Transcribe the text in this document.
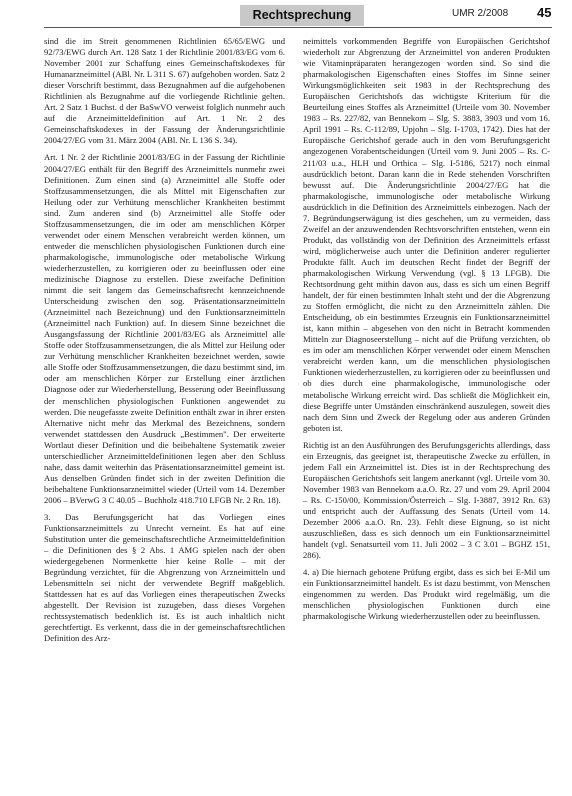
Rechtsprechung	UMR 2/2008 45

sind die im Streit genommenen Richtlinien 65/65/EWG und 92/73/EWG durch Art. 128 Satz 1 der Richtlinie 2001/83/EG vom 6. November 2001 zur Schaffung eines Gemeinschaftskodexes für Humanarzneimittel (ABl. Nr. L 311 S. 67) aufgehoben worden. Satz 2 dieser Vorschrift bestimmt, dass Bezugnahmen auf die aufgehobenen Richtlinien als Bezugnahme auf die vorliegende Richtlinie gelten. Art. 2 Satz 1 Buchst. d der BaSwVO verweist folglich nunmehr auch auf die Arzneimitteldefinition auf Art. 1 Nr. 2 des Gemeinschaftskodexes in der Fassung der Änderungsrichtlinie 2004/27/EG vom 31. März 2004 (ABl. Nr. L 136 S. 34).

Art. 1 Nr. 2 der Richtlinie 2001/83/EG in der Fassung der Richtlinie 2004/27/EG enthält für den Begriff des Arzneimittels nunmehr zwei Definitionen. Zum einen sind (a) Arzneimittel alle Stoffe oder Stoffzusammensetzungen, die als Mittel mit Eigenschaften zur Heilung oder zur Verhütung menschlicher Krankheiten bestimmt sind. Zum anderen sind (b) Arzneimittel alle Stoffe oder Stoffzusammensetzungen, die im oder am menschlichen Körper verwendet oder einem Menschen verabreicht werden können, um entweder die menschlichen physiologischen Funktionen durch eine pharmakologische, immunologische oder metabolische Wirkung wiederherzustellen, zu korrigieren oder zu beeinflussen oder eine medizinische Diagnose zu erstellen. Diese zweifache Definition nimmt die seit langem das Gemeinschaftsrecht kennzeichnende Unterscheidung zwischen den sog. Präsentationsarzneimitteln (Arzneimittel nach Bezeichnung) und den Funktionsarzneimitteln (Arzneimittel nach Funktion) auf. In diesem Sinne bezeichnet die Ausgangsfassung der Richtlinie 2001/83/EG als Arzneimittel alle Stoffe oder Stoffzusammensetzungen, die als Mittel zur Heilung oder zur Verhütung menschlicher Krankheiten bezeichnet werden, sowie alle Stoffe oder Stoffzusammensetzungen, die dazu bestimmt sind, im oder am menschlichen Körper zur Erstellung einer ärztlichen Diagnose oder zur Wiederherstellung, Besserung oder Beeinflussung der menschlichen physiologischen Funktionen angewendet zu werden. Die neugefasste zweite Definition enthält zwar in ihrer ersten Alternative nicht mehr das Merkmal des Bezeichnens, sondern verwendet stattdessen den Ausdruck „Bestimmen". Der erweiterte Wortlaut dieser Definition und die beibehaltene Systematik zweier unterschiedlicher Arzneimitteldefinitionen legen aber den Schluss nahe, dass damit weiterhin das Präsentationsarzneimittel gemeint ist. Aus denselben Gründen findet sich in der zweiten Definition die beibehaltene Funktionsarzneimittel wieder (Urteil vom 14. Dezember 2006 – BVerwG 3 C 40.05 – Buchholz 418.710 LFGB Nr. 2 Rn. 18).

3. Das Berufungsgericht hat das Vorliegen eines Funktionsarzneimittels zu Unrecht verneint. Es hat auf eine Substitution unter die gemeinschaftsrechtliche Arzneimitteldefinition – die Definitionen des § 2 Abs. 1 AMG spielen nach der oben wiedergegebenen Normenkette hier keine Rolle – mit der Begründung verzichtet, für die Abgrenzung von Arzneimitteln und Lebensmitteln sei nicht der verwendete Begriff maßgeblich. Stattdessen hat es auf das Vorliegen eines therapeutischen Zwecks abgestellt. Der Revision ist zuzugeben, dass dieses Vorgehen rechtssystematisch bedenklich ist. Es ist auch inhaltlich nicht gerechtfertigt. Es verkennt, dass die in der gemeinschaftsrechtlichen Definition des Arz-

neimittels vorkommenden Begriffe von Europäischen Gerichtshof wiederholt zur Abgrenzung der Arzneimittel von anderen Produkten wie Vitaminpräparaten herangezogen worden sind. So sind die pharmakologischen Eigenschaften eines Stoffes im Sinne seiner Wirkungsmöglichkeiten seit 1983 in der Rechtsprechung des Europäischen Gerichtshofs das wichtigste Kriterium für die Beurteilung eines Stoffes als Arzneimittel (Urteile vom 30. November 1983 – Rs. 227/82, van Bennekom – Slg. S. 3883, 3903 und vom 16. April 1991 – Rs. C-112/89, Upjohn – Slg. I-1703, 1742). Dies hat der Europäische Gerichtshof gerade auch in den vom Berufungsgericht angezogenen Vorabentscheidungen (Urteil vom 9. Juni 2005 – Rs. C-211/03 u.a., HLH und Orthica – Slg. I-5186, 5217) noch einmal ausdrücklich betont. Daran kann die in Rede stehenden Vorschriften bewusst auf. Die Änderungsrichtlinie 2004/27/EG hat die pharmakologische, immunologische oder metabolische Wirkung ausdrücklich in die Definition des Arzneimittels einbezogen. Nach der 7. Begründungserwägung ist dies geschehen, um zu vermeiden, dass Zweifel an der anzuwendenden Rechtsvorschriften entstehen, wenn ein Produkt, das vollständig von der Definition des Arzneimittels erfasst wird, möglicherweise auch unter die Definition anderer regulierter Produkte fällt. Auch im deutschen Recht findet der Begriff der pharmakologischen Wirkung Verwendung (vgl. § 13 LFGB). Die Rechtsordnung geht mithin davon aus, dass es sich um einen Begriff handelt, der für einen bestimmten Inhalt steht und der die Abgrenzung zu Stoffen ermöglicht, die nicht zu den Arzneimitteln zählen. Die Entscheidung, ob ein bestimmtes Erzeugnis ein Funktionsarzneimittel ist, kann mithin – abgesehen von den nicht in Betracht kommenden Mitteln zur Diagnoseerstellung – nicht auf die Prüfung verzichten, ob es im oder am menschlichen Körper verwendet oder einem Menschen verabreicht werden kann, um die menschlichen physiologischen Funktionen wiederherzustellen, zu korrigieren oder zu beeinflussen und ob dies durch eine pharmakologische, immunologische oder metabolische Wirkung erreicht wird. Das schließt die Möglichkeit ein, diese Begriffe unter Umständen einschränkend auszulegen, soweit dies nach dem Sinn und Zweck der Regelung oder aus anderen Gründen geboten ist.

Richtig ist an den Ausführungen des Berufungsgerichts allerdings, dass ein Erzeugnis, das geeignet ist, therapeutische Zwecke zu erfüllen, in jedem Fall ein Arzneimittel ist. Dies ist in der Rechtsprechung des Europäischen Gerichtshofs seit langem anerkannt (vgl. Urteile vom 30. November 1983 van Bennekom a.a.O. Rz. 27 und vom 29. April 2004 – Rs. C-150/00, Kommission/Österreich – Slg. I-3887, 3912 Rn. 63) und entspricht auch der Auffassung des Senats (Urteil vom 14. Dezember 2006 a.a.O. Rn. 23). Fehlt diese Eignung, so ist nicht auszuschließen, dass es sich dennoch um ein Funktionsarzneimittel handelt (vgl. Senatsurteil vom 11. Juli 2002 – 3 C 3.01 – BGHZ 151, 286).

4. a) Die hiernach gebotene Prüfung ergibt, dass es sich bei E-Mil um ein Funktionsarzneimittel handelt. Es ist dazu bestimmt, von Menschen eingenommen zu werden. Das Produkt wird regelmäßig, um die menschlichen physiologischen Funktionen durch eine pharmakologische Wirkung wiederherzustellen oder zu beeinflussen.
